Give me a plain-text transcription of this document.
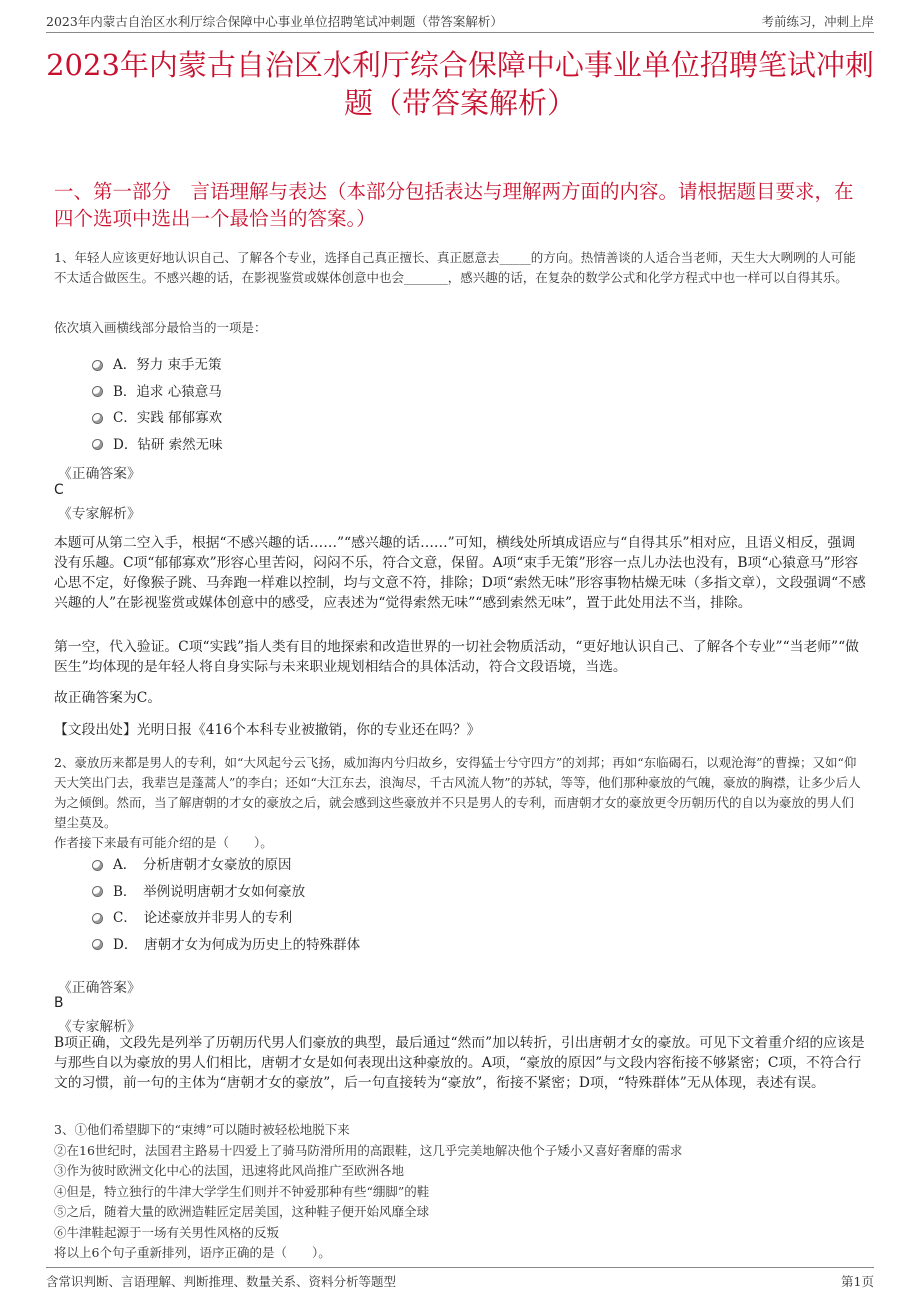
2023年内蒙古自治区水利厅综合保障中心事业单位招聘笔试冲刺题（带答案解析）	考前练习，冲刺上岸
2023年内蒙古自治区水利厅综合保障中心事业单位招聘笔试冲刺题（带答案解析）
一、第一部分　言语理解与表达（本部分包括表达与理解两方面的内容。请根据题目要求，在四个选项中选出一个最恰当的答案。）
1、年轻人应该更好地认识自己、了解各个专业，选择自己真正擅长、真正愿意去_____的方向。热情善谈的人适合当老师，天生大大咧咧的人可能不太适合做医生。不感兴趣的话，在影视鉴赏或媒体创意中也会_______，感兴趣的话，在复杂的数学公式和化学方程式中也一样可以自得其乐。
依次填入画横线部分最恰当的一项是：
A．努力 束手无策
B．追求 心猿意马
C．实践 郁郁寡欢
D．钻研 索然无味
《正确答案》
C
《专家解析》
本题可从第二空入手，根据“不感兴趣的话……”“感兴趣的话……”可知，横线处所填成语应与“自得其乐”相对应，且语义相反，强调没有乐趣。C项“郁郁寡欢”形容心里苦闷，闷闷不乐，符合文意，保留。A项“束手无策”形容一点儿办法也没有，B项“心猿意马”形容心思不定，好像猴子跳、马奔跑一样难以控制，均与文意不符，排除；D项“索然无味”形容事物枯燥无味（多指文章），文段强调“不感兴趣的人”在影视鉴赏或媒体创意中的感受，应表述为“觉得索然无味”“感到索然无味”，置于此处用法不当，排除。
第一空，代入验证。C项“实践”指人类有目的地探索和改造世界的一切社会物质活动，“更好地认识自己、了解各个专业”“当老师”“做医生”均体现的是年轻人将自身实际与未来职业规划相结合的具体活动，符合文段语境，当选。
故正确答案为C。
【文段出处】光明日报《416个本科专业被撤销，你的专业还在吗？》
2、豪放历来都是男人的专利，如“大风起兮云飞扬，威加海内兮归故乡，安得猛士兮守四方”的刘邦；再如“东临碣石，以观沧海”的曹操；又如“仰天大笑出门去，我辈岂是蓬蒿人”的李白；还如“大江东去，浪淘尽，千古风流人物”的苏轼，等等，他们那种豪放的气魄，豪放的胸襟，让多少后人为之倾倒。然而，当了解唐朝的才女的豪放之后，就会感到这些豪放并不只是男人的专利，而唐朝才女的豪放更令历朝历代的自以为豪放的男人们望尘莫及。
作者接下来最有可能介绍的是（　　）。
A．　分析唐朝才女豪放的原因
B．　举例说明唐朝才女如何豪放
C．　论述豪放并非男人的专利
D．　唐朝才女为何成为历史上的特殊群体
《正确答案》
B
《专家解析》
B项正确，文段先是列举了历朝历代男人们豪放的典型，最后通过“然而”加以转折，引出唐朝才女的豪放。可见下文着重介绍的应该是与那些自以为豪放的男人们相比，唐朝才女是如何表现出这种豪放的。A项，“豪放的原因”与文段内容衔接不够紧密；C项，不符合行文的习惯，前一句的主体为“唐朝才女的豪放”，后一句直接转为“豪放”，衔接不紧密；D项，“特殊群体”无从体现，表述有误。
3、①他们希望脚下的“束缚”可以随时被轻松地脱下来
②在16世纪时，法国君主路易十四爱上了骑马防滑所用的高跟鞋，这几乎完美地解决他个子矮小又喜好奢靡的需求
③作为彼时欧洲文化中心的法国，迅速将此风尚推广至欧洲各地
④但是，特立独行的牛津大学学生们则并不钟爱那种有些“绷脚”的鞋
⑤之后，随着大量的欧洲造鞋匠定居美国，这种鞋子便开始风靡全球
⑥牛津鞋起源于一场有关男性风格的反叛
将以上6个句子重新排列，语序正确的是（　　）。
含常识判断、言语理解、判断推理、数量关系、资料分析等题型	第1页
